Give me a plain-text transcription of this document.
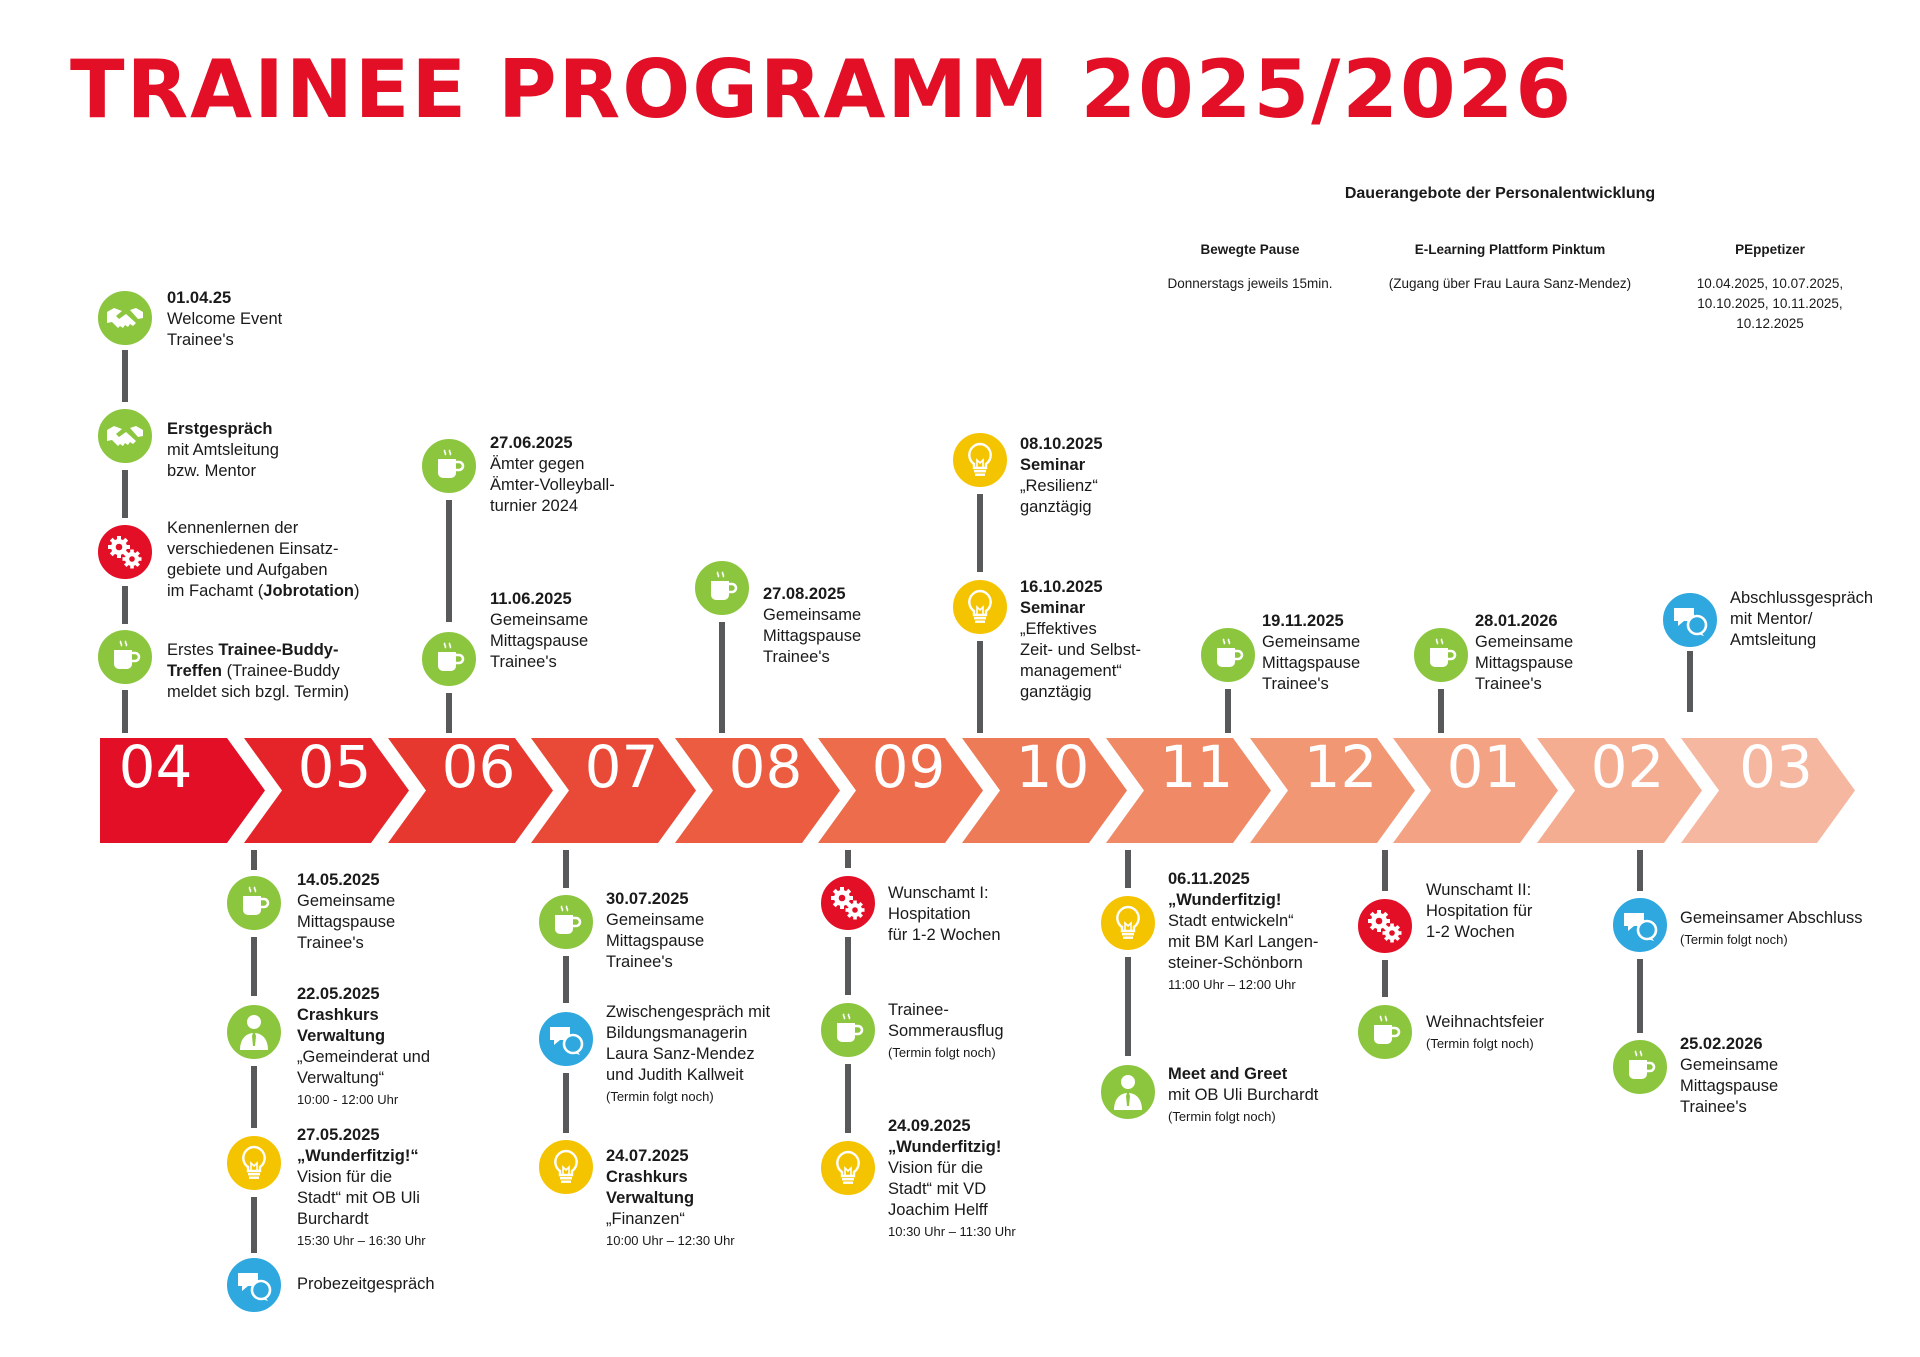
TRAINEE PROGRAMM 2025/2026
Dauerangebote der Personalentwicklung
Bewegte Pause
Donnerstags jeweils 15min.
E-Learning Plattform Pinktum
(Zugang über Frau Laura Sanz-Mendez)
PEppetizer
10.04.2025, 10.07.2025,
10.10.2025, 10.11.2025,
10.12.2025
04	05	06	07	08	09	10	11	12	01	02	03
01.04.25
Welcome Event
Trainee's
Erstgespräch
mit Amtsleitung
bzw. Mentor
Kennenlernen der
verschiedenen Einsatz-
gebiete und Aufgaben
im Fachamt (Jobrotation)
Erstes Trainee-Buddy-
Treffen (Trainee-Buddy
meldet sich bzgl. Termin)
14.05.2025
Gemeinsame
Mittagspause
Trainee's
22.05.2025
Crashkurs
Verwaltung
„Gemeinderat und
Verwaltung“
10:00 - 12:00 Uhr
27.05.2025
„Wunderfitzig!“
Vision für die
Stadt“ mit OB Uli
Burchardt
15:30 Uhr – 16:30 Uhr
Probezeitgespräch
27.06.2025
Ämter gegen
Ämter-Volleyball-
turnier 2024
11.06.2025
Gemeinsame
Mittagspause
Trainee's
30.07.2025
Gemeinsame
Mittagspause
Trainee's
Zwischengespräch mit
Bildungsmanagerin
Laura Sanz-Mendez
und Judith Kallweit
(Termin folgt noch)
24.07.2025
Crashkurs
Verwaltung
„Finanzen“
10:00 Uhr – 12:30 Uhr
27.08.2025
Gemeinsame
Mittagspause
Trainee's
Wunschamt I:
Hospitation
für 1-2 Wochen
Trainee-
Sommerausflug
(Termin folgt noch)
24.09.2025
„Wunderfitzig!
Vision für die
Stadt“ mit VD
Joachim Helff
10:30 Uhr – 11:30 Uhr
08.10.2025
Seminar
„Resilienz“
ganztägig
16.10.2025
Seminar
„Effektives
Zeit- und Selbst-
management“
ganztägig
06.11.2025
„Wunderfitzig!
Stadt entwickeln“
mit BM Karl Langen-
steiner-Schönborn
11:00 Uhr – 12:00 Uhr
Meet and Greet
mit OB Uli Burchardt
(Termin folgt noch)
19.11.2025
Gemeinsame
Mittagspause
Trainee's
Wunschamt II:
Hospitation für
1-2 Wochen
Weihnachtsfeier
(Termin folgt noch)
28.01.2026
Gemeinsame
Mittagspause
Trainee's
Gemeinsamer Abschluss
(Termin folgt noch)
25.02.2026
Gemeinsame
Mittagspause
Trainee's
Abschlussgespräch
mit Mentor/
Amtsleitung
